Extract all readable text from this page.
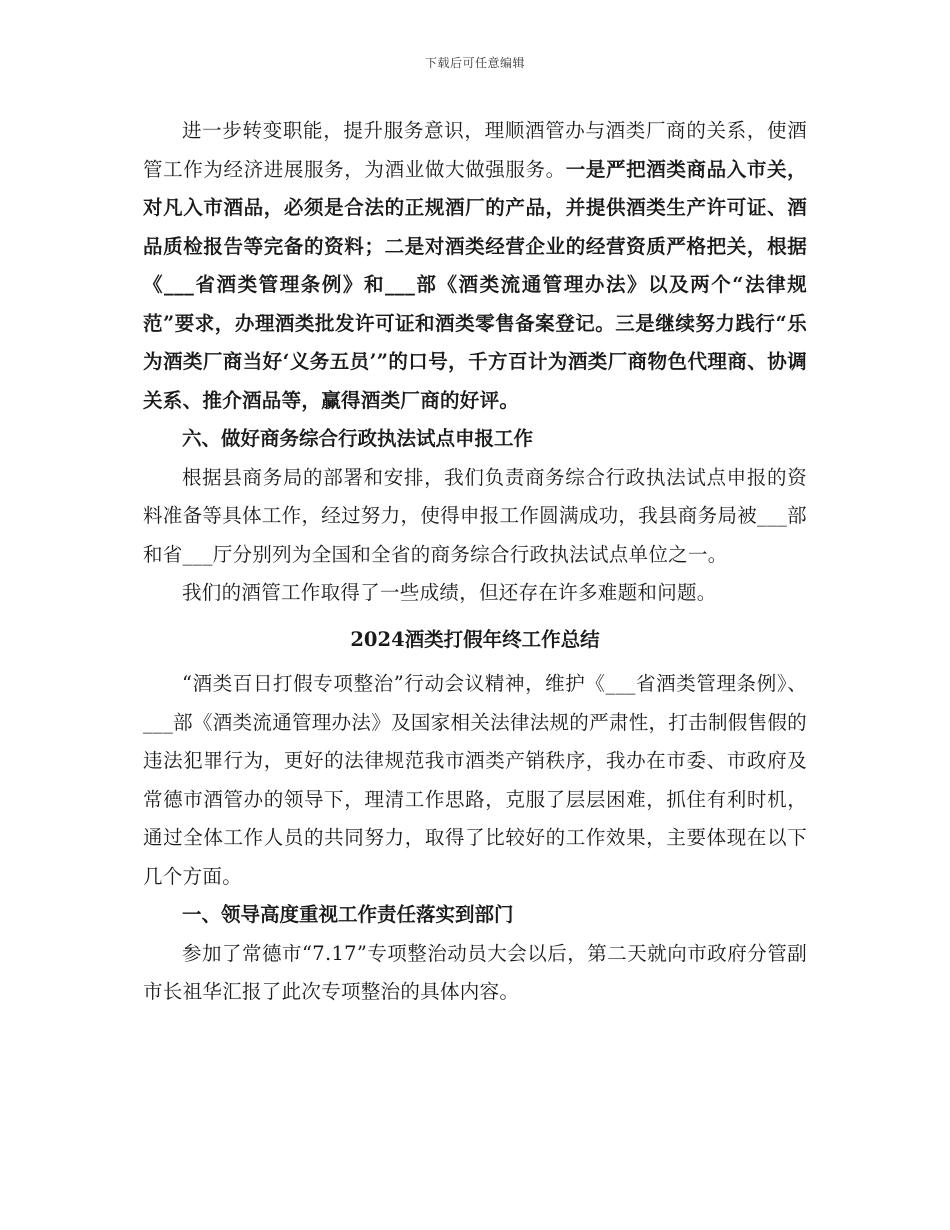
下载后可任意编辑

进一步转变职能，提升服务意识，理顺酒管办与酒类厂商的关系，使酒管工作为经济进展服务，为酒业做大做强服务。一是严把酒类商品入市关，对凡入市酒品，必须是合法的正规酒厂的产品，并提供酒类生产许可证、酒品质检报告等完备的资料；二是对酒类经营企业的经营资质严格把关，根据《___省酒类管理条例》和___部《酒类流通管理办法》以及两个“法律规范”要求，办理酒类批发许可证和酒类零售备案登记。三是继续努力践行“乐为酒类厂商当好‘义务五员’”的口号，千方百计为酒类厂商物色代理商、协调关系、推介酒品等，赢得酒类厂商的好评。

六、做好商务综合行政执法试点申报工作

根据县商务局的部署和安排，我们负责商务综合行政执法试点申报的资料准备等具体工作，经过努力，使得申报工作圆满成功，我县商务局被___部和省___厅分别列为全国和全省的商务综合行政执法试点单位之一。

我们的酒管工作取得了一些成绩，但还存在许多难题和问题。

2024酒类打假年终工作总结

“酒类百日打假专项整治”行动会议精神，维护《___省酒类管理条例》、___部《酒类流通管理办法》及国家相关法律法规的严肃性，打击制假售假的违法犯罪行为，更好的法律规范我市酒类产销秩序，我办在市委、市政府及常德市酒管办的领导下，理清工作思路，克服了层层困难，抓住有利时机，通过全体工作人员的共同努力，取得了比较好的工作效果，主要体现在以下几个方面。

一、领导高度重视工作责任落实到部门

参加了常德市“7.17”专项整治动员大会以后，第二天就向市政府分管副市长祖华汇报了此次专项整治的具体内容。
